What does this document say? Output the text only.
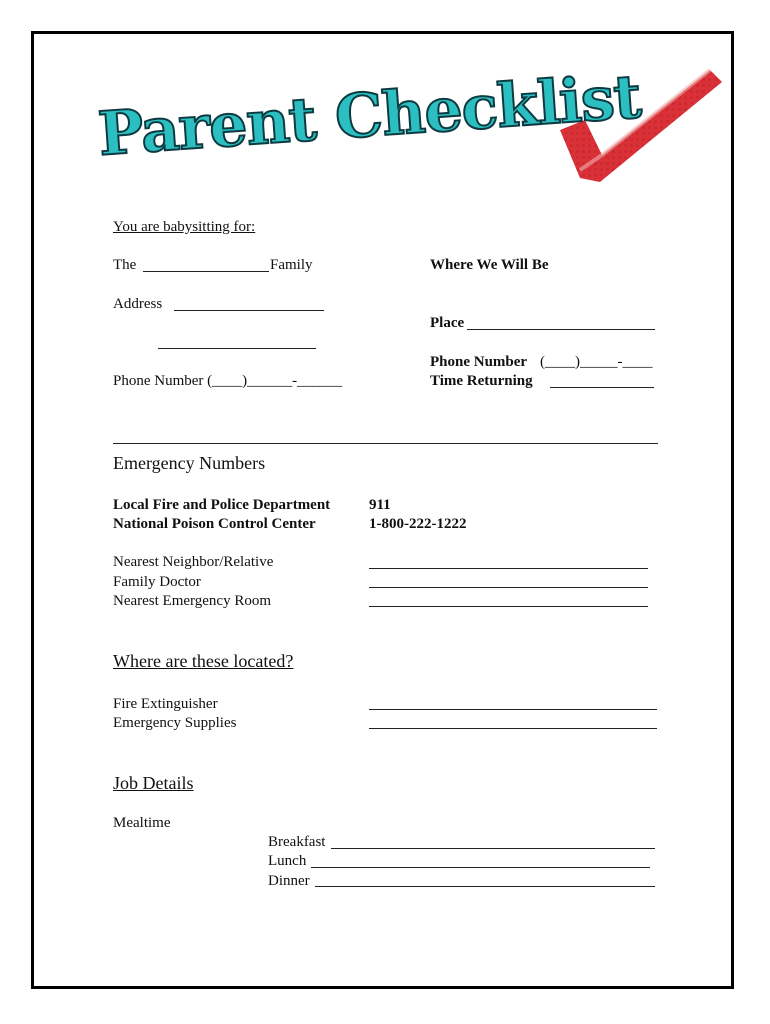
Parent Checklist
You are babysitting for:
The	Family
Address
Phone Number (____)______-______
Where We Will Be
Place
Phone Number (____)_____-____
Time Returning
Emergency Numbers
Local Fire and Police Department	911
National Poison Control Center	1-800-222-1222
Nearest Neighbor/Relative
Family Doctor
Nearest Emergency Room
Where are these located?
Fire Extinguisher
Emergency Supplies
Job Details
Mealtime
Breakfast
Lunch
Dinner
